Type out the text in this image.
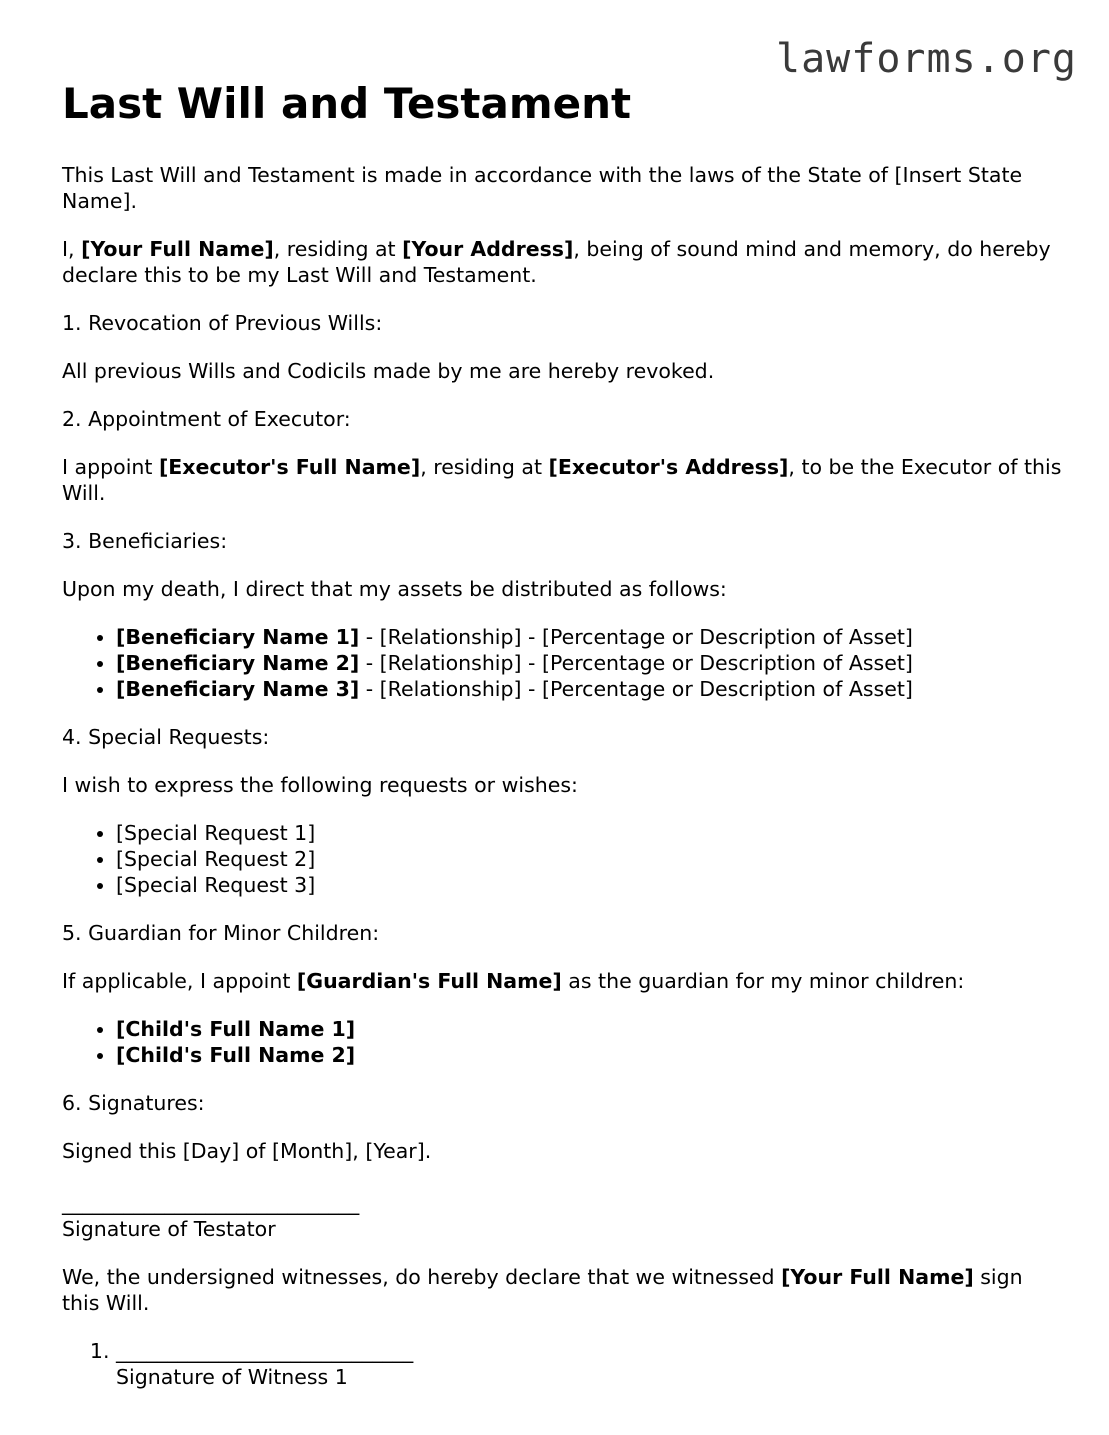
lawforms.org
Last Will and Testament

This Last Will and Testament is made in accordance with the laws of the State of [Insert State Name].

I, [Your Full Name], residing at [Your Address], being of sound mind and memory, do hereby declare this to be my Last Will and Testament.

1. Revocation of Previous Wills:

All previous Wills and Codicils made by me are hereby revoked.

2. Appointment of Executor:

I appoint [Executor's Full Name], residing at [Executor's Address], to be the Executor of this Will.

3. Beneficiaries:

Upon my death, I direct that my assets be distributed as follows:

• [Beneficiary Name 1] - [Relationship] - [Percentage or Description of Asset]
• [Beneficiary Name 2] - [Relationship] - [Percentage or Description of Asset]
• [Beneficiary Name 3] - [Relationship] - [Percentage or Description of Asset]

4. Special Requests:

I wish to express the following requests or wishes:

• [Special Request 1]
• [Special Request 2]
• [Special Request 3]

5. Guardian for Minor Children:

If applicable, I appoint [Guardian's Full Name] as the guardian for my minor children:

• [Child's Full Name 1]
• [Child's Full Name 2]

6. Signatures:

Signed this [Day] of [Month], [Year].

_____________________________
Signature of Testator

We, the undersigned witnesses, do hereby declare that we witnessed [Your Full Name] sign this Will.

1. _____________________________
Signature of Witness 1
